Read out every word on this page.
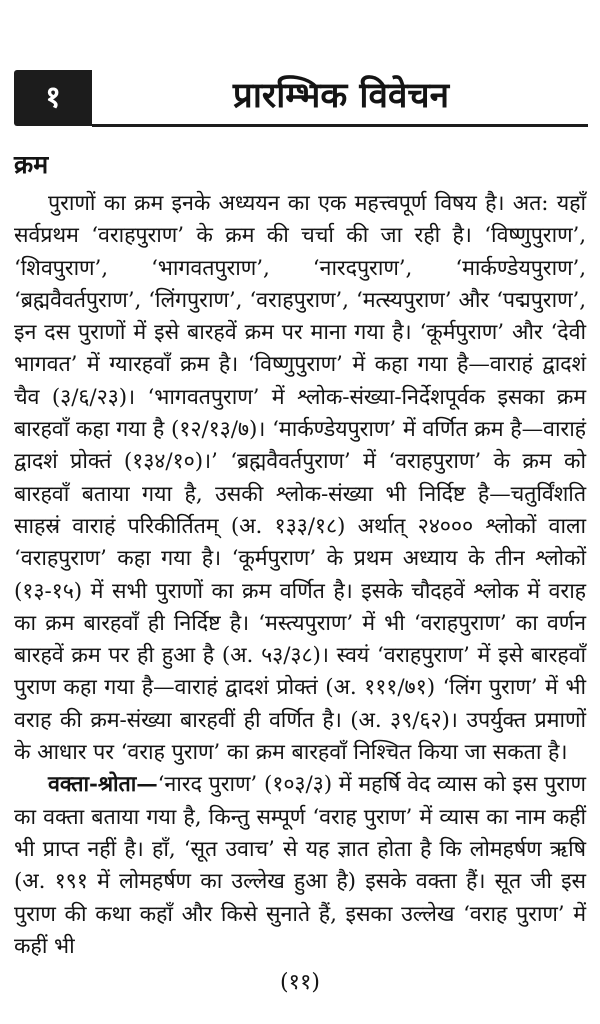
१	प्रारम्भिक विवेचन
क्रम

पुराणों का क्रम इनके अध्ययन का एक महत्त्वपूर्ण विषय है। अत: यहाँ सर्वप्रथम ‘वराहपुराण’ के क्रम की चर्चा की जा रही है। ‘विष्णुपुराण’, ‘शिवपुराण’, ‘भागवतपुराण’, ‘नारदपुराण’, ‘मार्कण्डेयपुराण’, ‘ब्रह्मवैवर्तपुराण’, ‘लिंगपुराण’, ‘वराहपुराण’, ‘मत्स्यपुराण’ और ‘पद्मपुराण’, इन दस पुराणों में इसे बारहवें क्रम पर माना गया है। ‘कूर्मपुराण’ और ‘देवी भागवत’ में ग्यारहवाँ क्रम है। ‘विष्णुपुराण’ में कहा गया है—वाराहं द्वादशं चैव (३/६/२३)। ‘भागवतपुराण’ में श्लोक-संख्या-निर्देशपूर्वक इसका क्रम बारहवाँ कहा गया है (१२/१३/७)। ‘मार्कण्डेयपुराण’ में वर्णित क्रम है—वाराहं द्वादशं प्रोक्तं (१३४/१०)।’ ‘ब्रह्मवैवर्तपुराण’ में ‘वराहपुराण’ के क्रम को बारहवाँ बताया गया है, उसकी श्लोक-संख्या भी निर्दिष्ट है—चतुर्विंशति साहस्रं वाराहं परिकीर्तितम् (अ. १३३/१८) अर्थात् २४००० श्लोकों वाला ‘वराहपुराण’ कहा गया है। ‘कूर्मपुराण’ के प्रथम अध्याय के तीन श्लोकों (१३-१५) में सभी पुराणों का क्रम वर्णित है। इसके चौदहवें श्लोक में वराह का क्रम बारहवाँ ही निर्दिष्ट है। ‘मस्त्यपुराण’ में भी ‘वराहपुराण’ का वर्णन बारहवें क्रम पर ही हुआ है (अ. ५३/३८)। स्वयं ‘वराहपुराण’ में इसे बारहवाँ पुराण कहा गया है—वाराहं द्वादशं प्रोक्तं (अ. १११/७१) ‘लिंग पुराण’ में भी वराह की क्रम-संख्या बारहवीं ही वर्णित है। (अ. ३९/६२)। उपर्युक्त प्रमाणों के आधार पर ‘वराह पुराण’ का क्रम बारहवाँ निश्चित किया जा सकता है।

वक्ता-श्रोता—‘नारद पुराण’ (१०३/३) में महर्षि वेद व्यास को इस पुराण का वक्ता बताया गया है, किन्तु सम्पूर्ण ‘वराह पुराण’ में व्यास का नाम कहीं भी प्राप्त नहीं है। हाँ, ‘सूत उवाच’ से यह ज्ञात होता है कि लोमहर्षण ऋषि (अ. १९१ में लोमहर्षण का उल्लेख हुआ है) इसके वक्ता हैं। सूत जी इस पुराण की कथा कहाँ और किसे सुनाते हैं, इसका उल्लेख ‘वराह पुराण’ में कहीं भी

(११)
